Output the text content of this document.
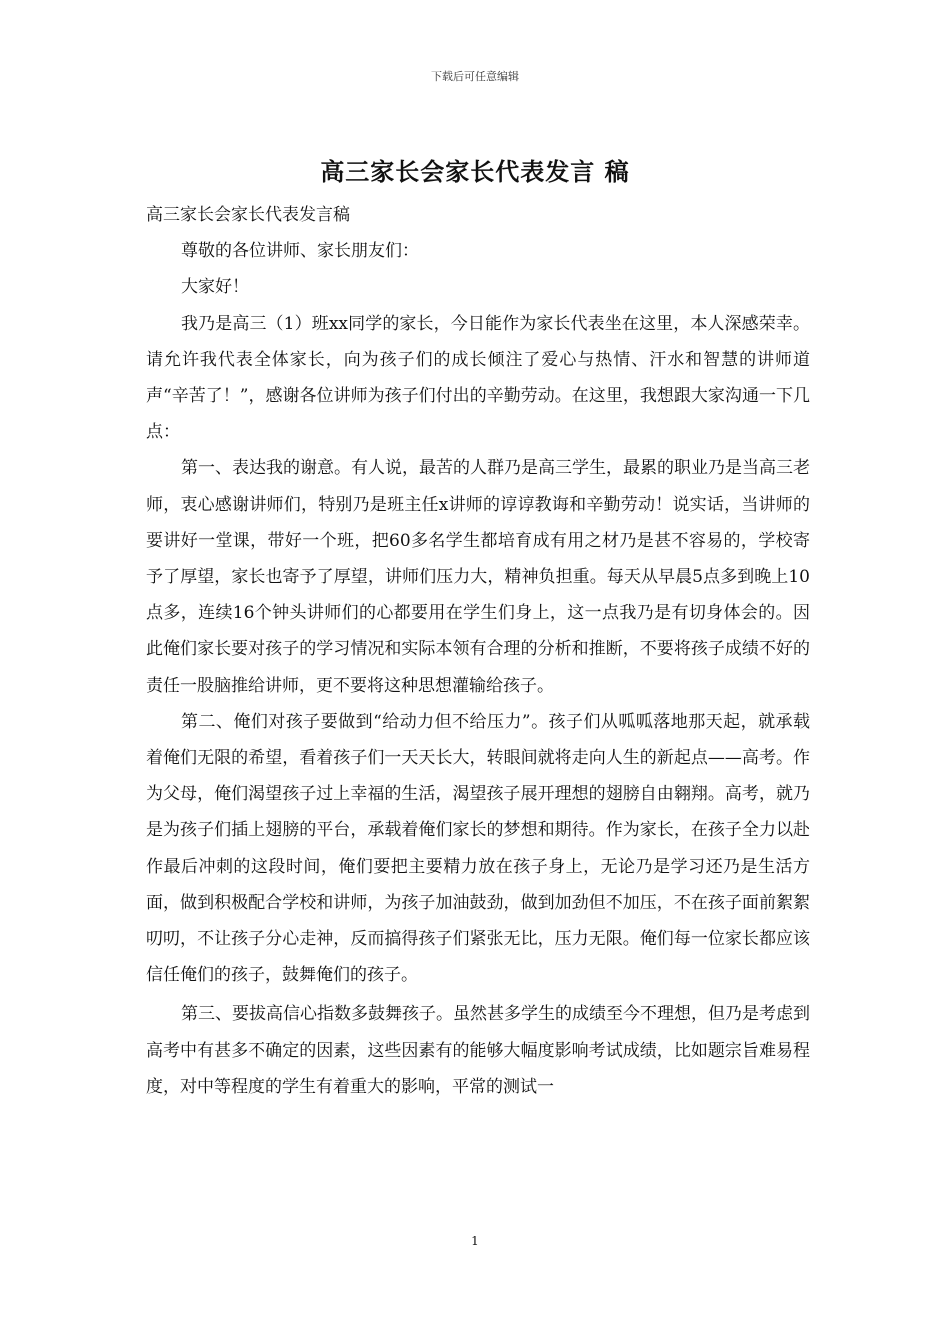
下载后可任意编辑
高三家长会家长代表发言 稿

高三家长会家长代表发言稿

尊敬的各位讲师、家长朋友们：

大家好！

我乃是高三（1）班xx同学的家长，今日能作为家长代表坐在这里，本人深感荣幸。请允许我代表全体家长，向为孩子们的成长倾注了爱心与热情、汗水和智慧的讲师道声“辛苦了！”，感谢各位讲师为孩子们付出的辛勤劳动。在这里，我想跟大家沟通一下几点：

第一、表达我的谢意。有人说，最苦的人群乃是高三学生，最累的职业乃是当高三老师，衷心感谢讲师们，特别乃是班主任x讲师的谆谆教诲和辛勤劳动！说实话，当讲师的要讲好一堂课，带好一个班，把60多名学生都培育成有用之材乃是甚不容易的，学校寄予了厚望，家长也寄予了厚望，讲师们压力大，精神负担重。每天从早晨5点多到晚上10点多，连续16个钟头讲师们的心都要用在学生们身上，这一点我乃是有切身体会的。因此俺们家长要对孩子的学习情况和实际本领有合理的分析和推断，不要将孩子成绩不好的责任一股脑推给讲师，更不要将这种思想灌输给孩子。

第二、俺们对孩子要做到“给动力但不给压力”。孩子们从呱呱落地那天起，就承载着俺们无限的希望，看着孩子们一天天长大，转眼间就将走向人生的新起点——高考。作为父母，俺们渴望孩子过上幸福的生活，渴望孩子展开理想的翅膀自由翱翔。高考，就乃是为孩子们插上翅膀的平台，承载着俺们家长的梦想和期待。作为家长，在孩子全力以赴作最后冲刺的这段时间，俺们要把主要精力放在孩子身上，无论乃是学习还乃是生活方面，做到积极配合学校和讲师，为孩子加油鼓劲，做到加劲但不加压，不在孩子面前絮絮叨叨，不让孩子分心走神，反而搞得孩子们紧张无比，压力无限。俺们每一位家长都应该信任俺们的孩子，鼓舞俺们的孩子。

第三、要拔高信心指数多鼓舞孩子。虽然甚多学生的成绩至今不理想，但乃是考虑到高考中有甚多不确定的因素，这些因素有的能够大幅度影响考试成绩，比如题宗旨难易程度，对中等程度的学生有着重大的影响，平常的测试一

1
